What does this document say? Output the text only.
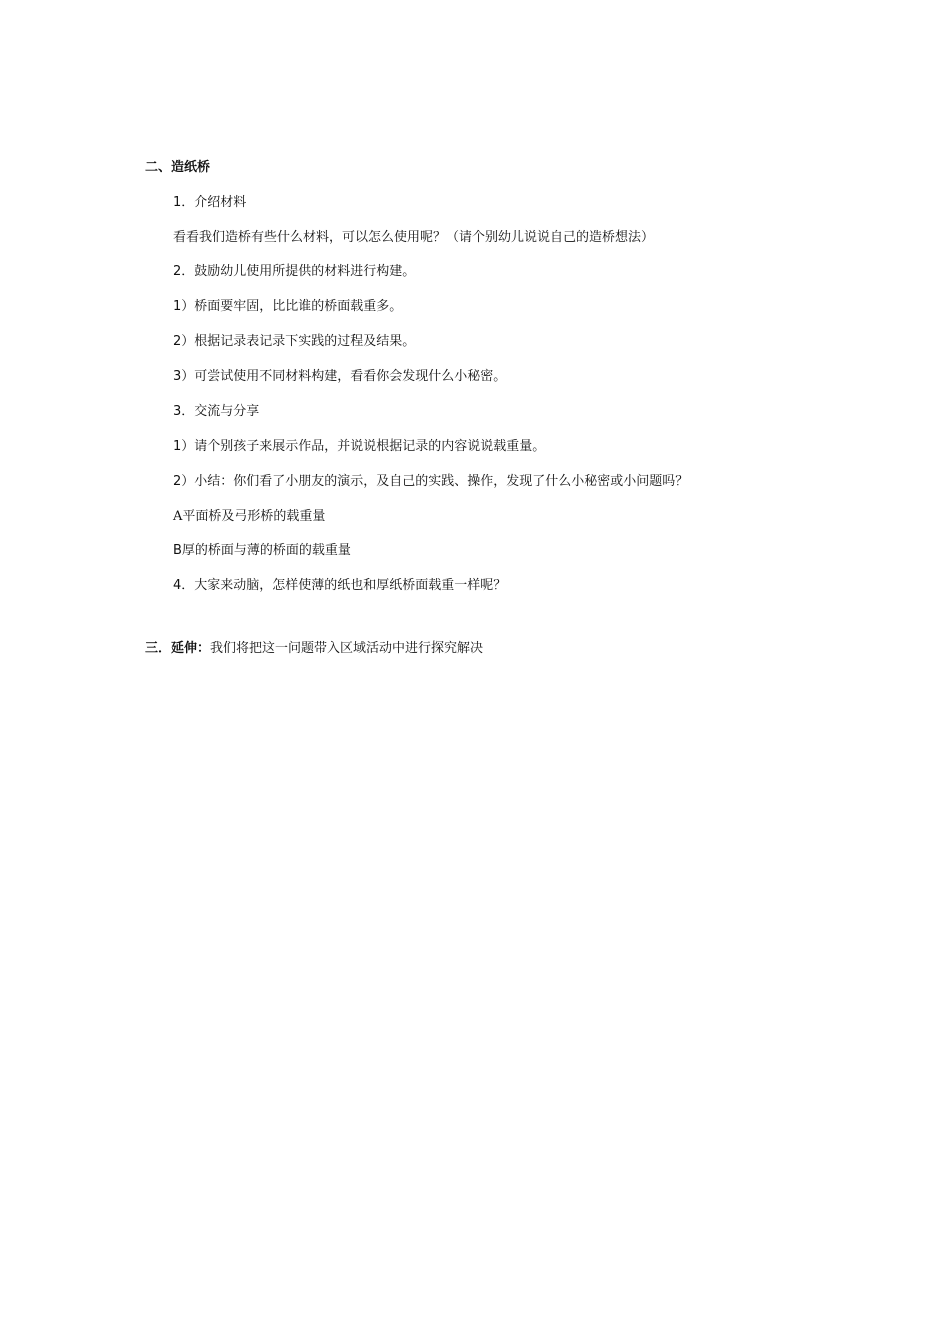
二、造纸桥
1．介绍材料
看看我们造桥有些什么材料，可以怎么使用呢？（请个别幼儿说说自己的造桥想法）
2．鼓励幼儿使用所提供的材料进行构建。
1）桥面要牢固，比比谁的桥面载重多。
2）根据记录表记录下实践的过程及结果。
3）可尝试使用不同材料构建，看看你会发现什么小秘密。
3．交流与分享
1）请个别孩子来展示作品，并说说根据记录的内容说说载重量。
2）小结：你们看了小朋友的演示，及自己的实践、操作，发现了什么小秘密或小问题吗？
A平面桥及弓形桥的载重量
B厚的桥面与薄的桥面的载重量
4．大家来动脑，怎样使薄的纸也和厚纸桥面载重一样呢？
三．延伸：我们将把这一问题带入区域活动中进行探究解决
